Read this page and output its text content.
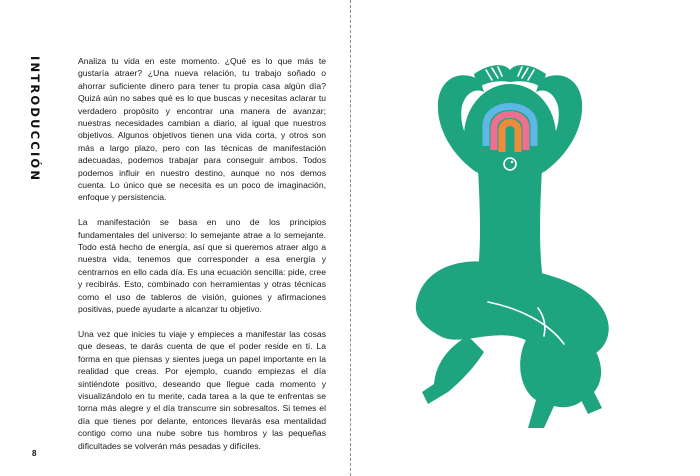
INTRODUCCIÓN	Analiza tu vida en este momento. ¿Qué es lo que más te gustaría atraer? ¿Una nueva relación, tu trabajo soñado o ahorrar suficiente dinero para tener tu propia casa algún día? Quizá aún no sabes qué es lo que buscas y necesitas aclarar tu verdadero propósito y encontrar una manera de avanzar; nuestras necesidades cambian a diario, al igual que nuestros objetivos. Algunos objetivos tienen una vida corta, y otros son más a largo plazo, pero con las técnicas de manifestación adecuadas, podemos trabajar para conseguir ambos. Todos podemos influir en nuestro destino, aunque no nos demos cuenta. Lo único que se necesita es un poco de imaginación, enfoque y persistencia.

La manifestación se basa en uno de los principios fundamentales del universo: lo semejante atrae a lo semejante. Todo está hecho de energía, así que si queremos atraer algo a nuestra vida, tenemos que corresponder a esa energía y centrarnos en ello cada día. Es una ecuación sencilla: pide, cree y recibirás. Esto, combinado con herramientas y otras técnicas como el uso de tableros de visión, guiones y afirmaciones positivas, puede ayudarte a alcanzar tu objetivo.

Una vez que inicies tu viaje y empieces a manifestar las cosas que deseas, te darás cuenta de que el poder reside en ti. La forma en que piensas y sientes juega un papel importante en la realidad que creas. Por ejemplo, cuando empiezas el día sintiéndote positivo, deseando que llegue cada momento y visualizándolo en tu mente, cada tarea a la que te enfrentas se torna más alegre y el día transcurre sin sobresaltos. Si temes el día que tienes por delante, entonces llevarás esa mentalidad contigo como una nube sobre tus hombros y las pequeñas dificultades se volverán más pesadas y difíciles.

8
